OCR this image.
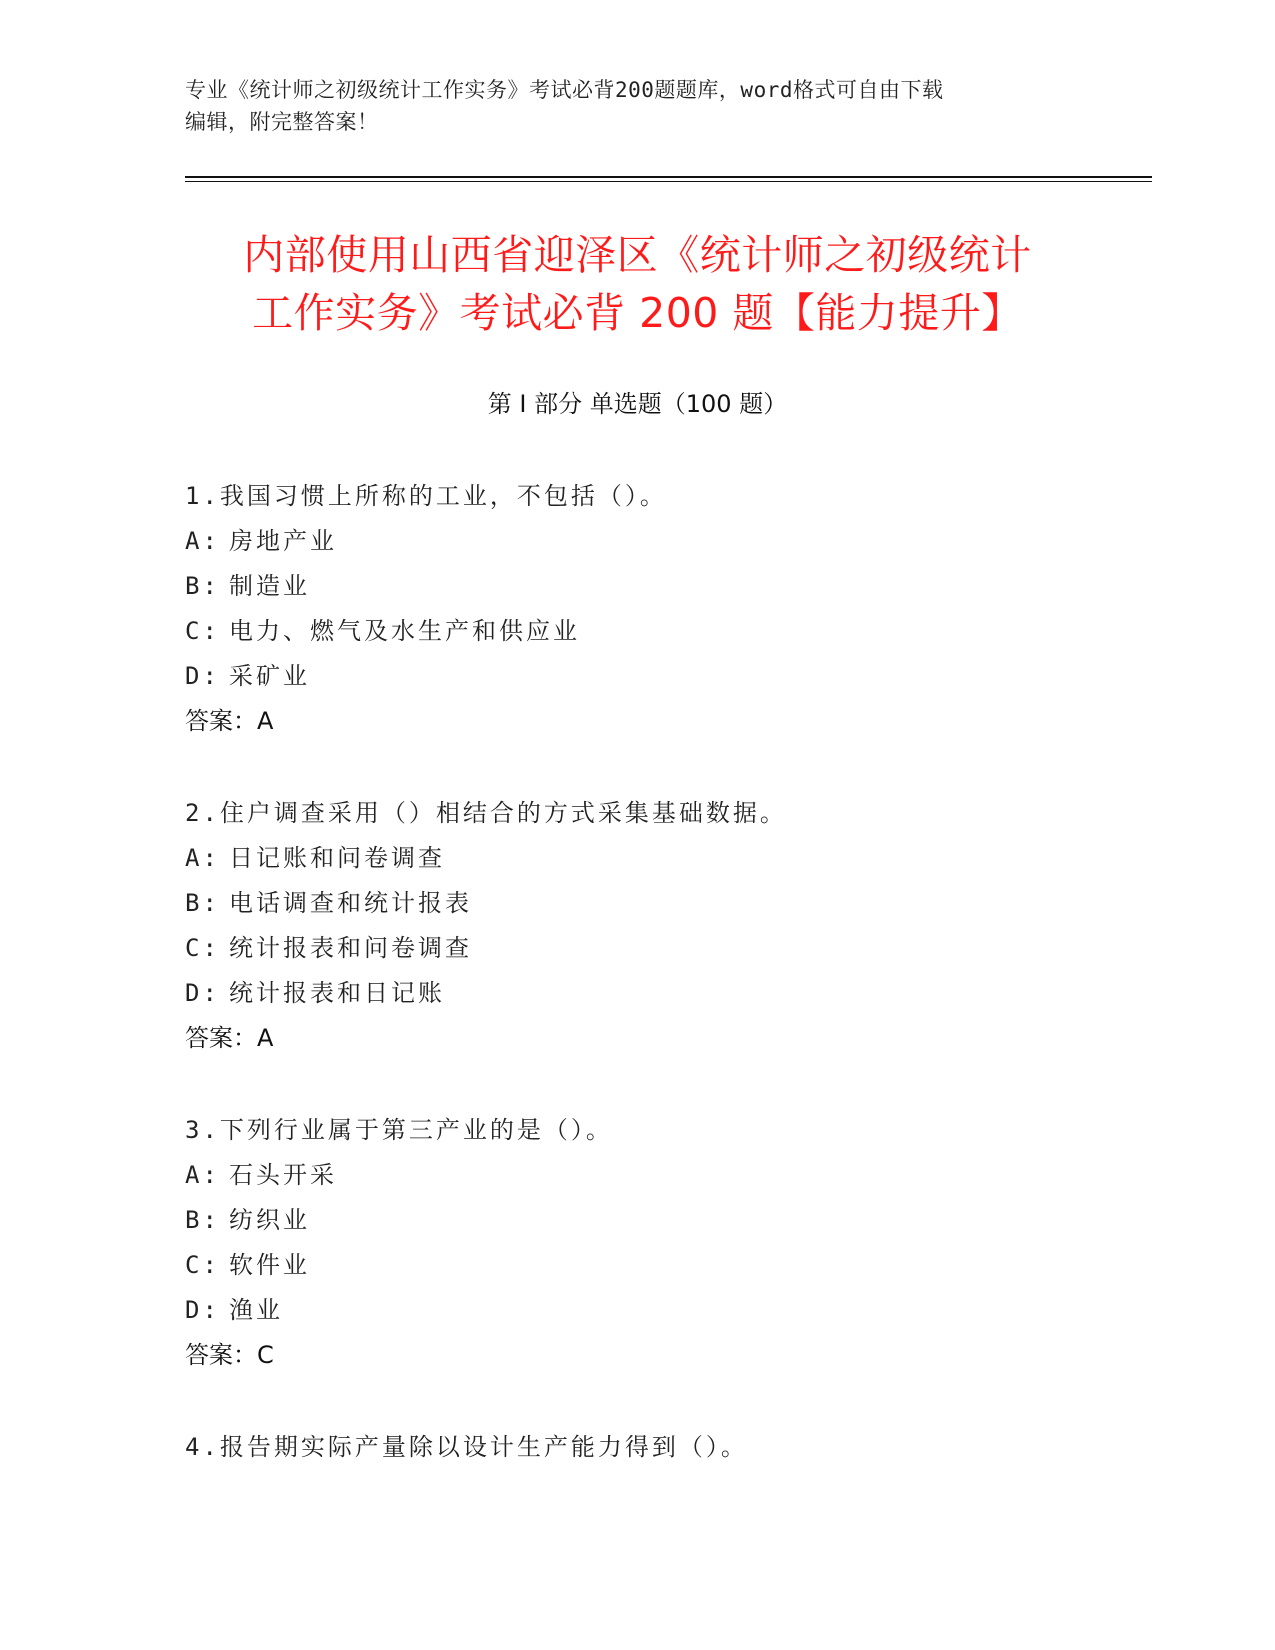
专业《统计师之初级统计工作实务》考试必背200题题库，word格式可自由下载
编辑，附完整答案！
内部使用山西省迎泽区《统计师之初级统计
工作实务》考试必背 200 题【能力提升】
第 I 部分 单选题（100 题）
1.我国习惯上所称的工业，不包括（）。
A: 房地产业
B: 制造业
C: 电力、燃气及水生产和供应业
D: 采矿业
答案：A
2.住户调查采用（）相结合的方式采集基础数据。
A: 日记账和问卷调查
B: 电话调查和统计报表
C: 统计报表和问卷调查
D: 统计报表和日记账
答案：A
3.下列行业属于第三产业的是（）。
A: 石头开采
B: 纺织业
C: 软件业
D: 渔业
答案：C
4.报告期实际产量除以设计生产能力得到（）。
